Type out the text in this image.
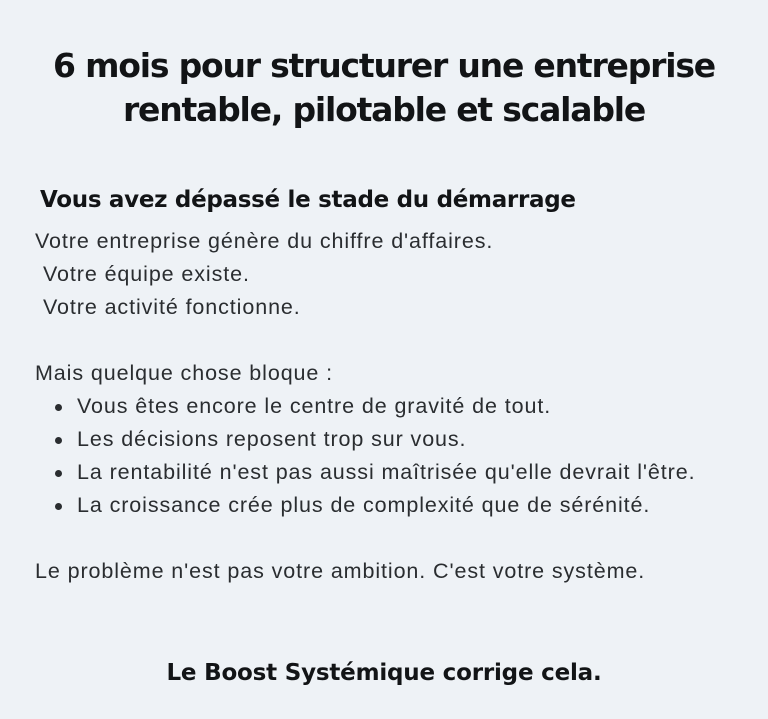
6 mois pour structurer une entreprise
rentable, pilotable et scalable
Vous avez dépassé le stade du démarrage

Votre entreprise génère du chiffre d'affaires.

Votre équipe existe.

Votre activité fonctionne.

Mais quelque chose bloque :

Vous êtes encore le centre de gravité de tout.
Les décisions reposent trop sur vous.
La rentabilité n'est pas aussi maîtrisée qu'elle devrait l'être.
La croissance crée plus de complexité que de sérénité.

Le problème n'est pas votre ambition. C'est votre système.

Le Boost Systémique corrige cela.
